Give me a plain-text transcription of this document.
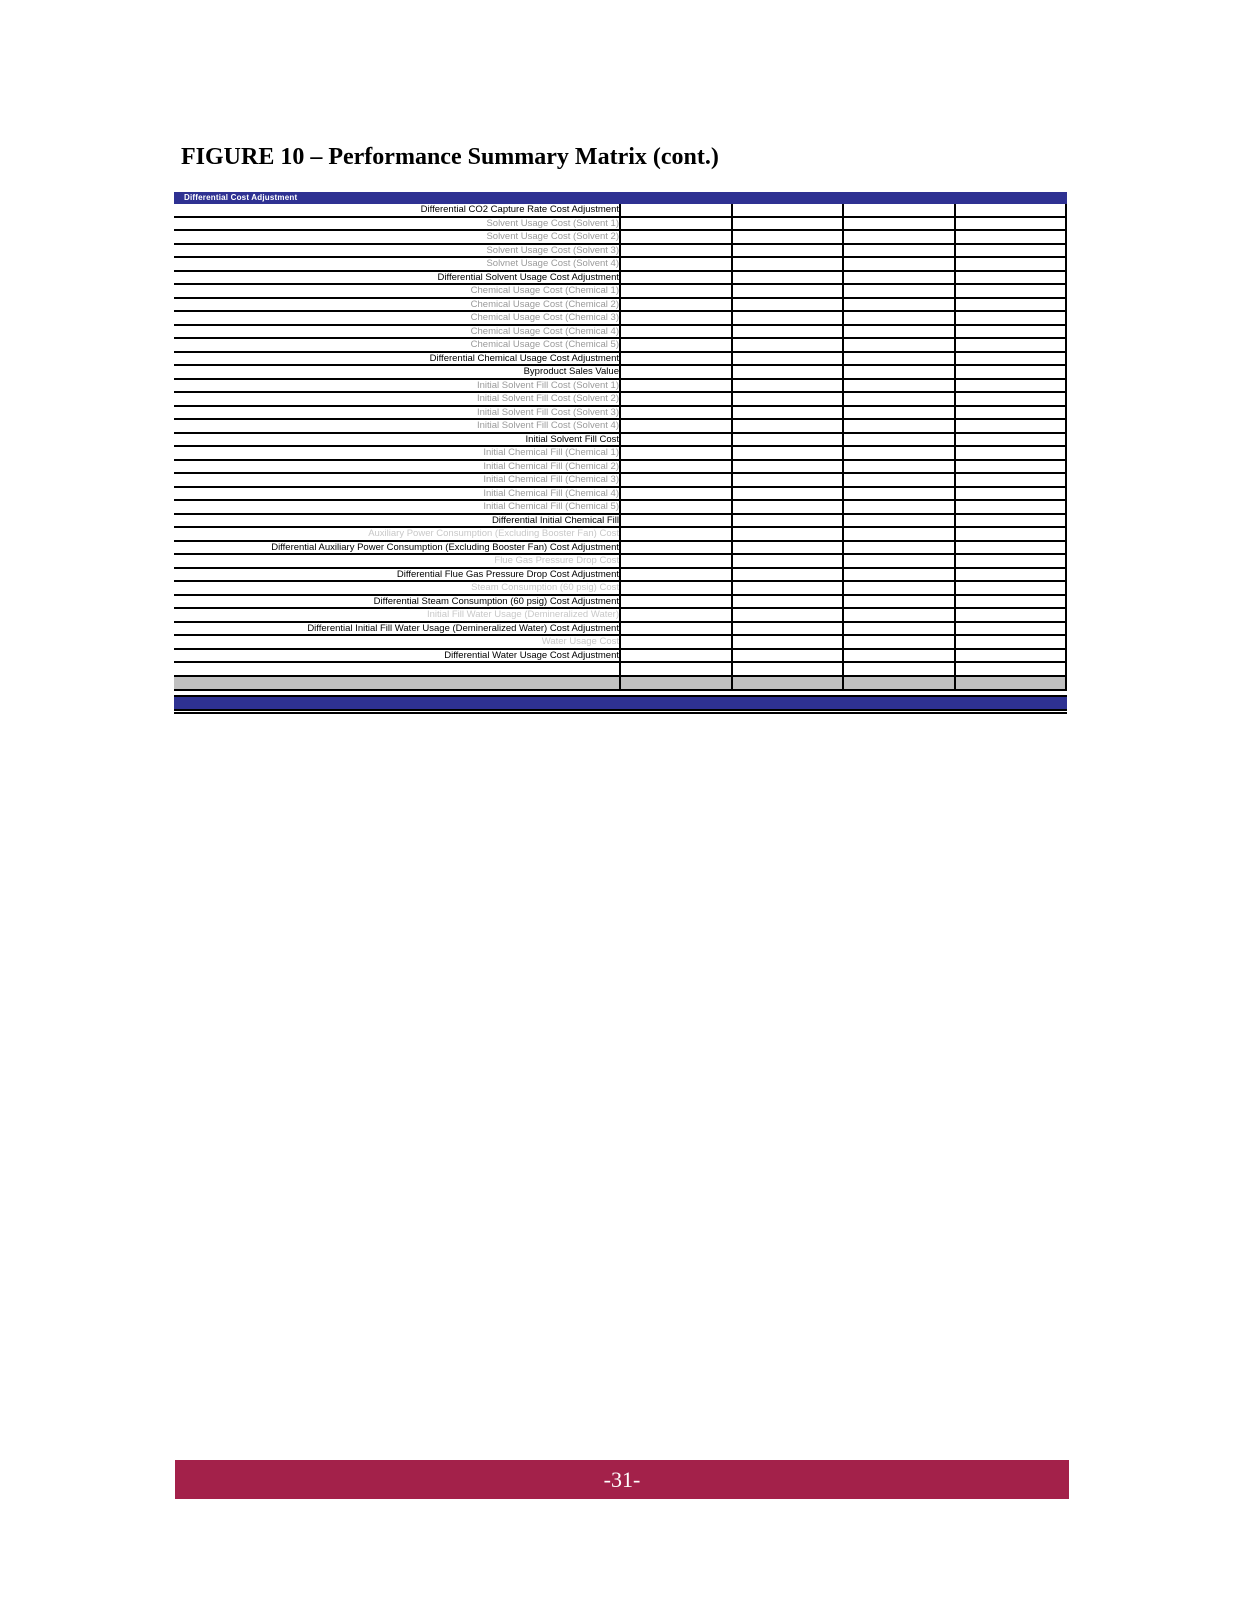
FIGURE 10 – Performance Summary Matrix (cont.)
Differential Cost Adjustment
Differential CO2 Capture Rate Cost Adjustment
Solvent Usage Cost (Solvent 1)
Solvent Usage Cost (Solvent 2)
Solvent Usage Cost (Solvent 3)
Solvnet Usage Cost (Solvent 4)
Differential Solvent Usage Cost Adjustment
Chemical Usage Cost (Chemical 1)
Chemical Usage Cost (Chemical 2)
Chemical Usage Cost (Chemical 3)
Chemical Usage Cost (Chemical 4)
Chemical Usage Cost (Chemical 5)
Differential Chemical Usage Cost Adjustment
Byproduct Sales Value
Initial Solvent Fill Cost (Solvent 1)
Initial Solvent Fill Cost (Solvent 2)
Initial Solvent Fill Cost (Solvent 3)
Initial Solvent Fill Cost (Solvent 4)
Initial Solvent Fill Cost
Initial Chemical Fill (Chemical 1)
Initial Chemical Fill (Chemical 2)
Initial Chemical Fill (Chemical 3)
Initial Chemical Fill (Chemical 4)
Initial Chemical Fill (Chemical 5)
Differential Initial Chemical Fill
Auxiliary Power Consumption (Excluding Booster Fan) Cost
Differential Auxiliary Power Consumption (Excluding Booster Fan) Cost Adjustment
Flue Gas Pressure Drop Cost
Differential Flue Gas Pressure Drop Cost Adjustment
Steam Consumption (60 psig) Cost
Differential Steam Consumption (60 psig) Cost Adjustment
Initial Fill Water Usage (Demineralized Water)
Differential Initial Fill Water Usage (Demineralized Water) Cost Adjustment
Water Usage Cost
Differential Water Usage Cost Adjustment
-31-
